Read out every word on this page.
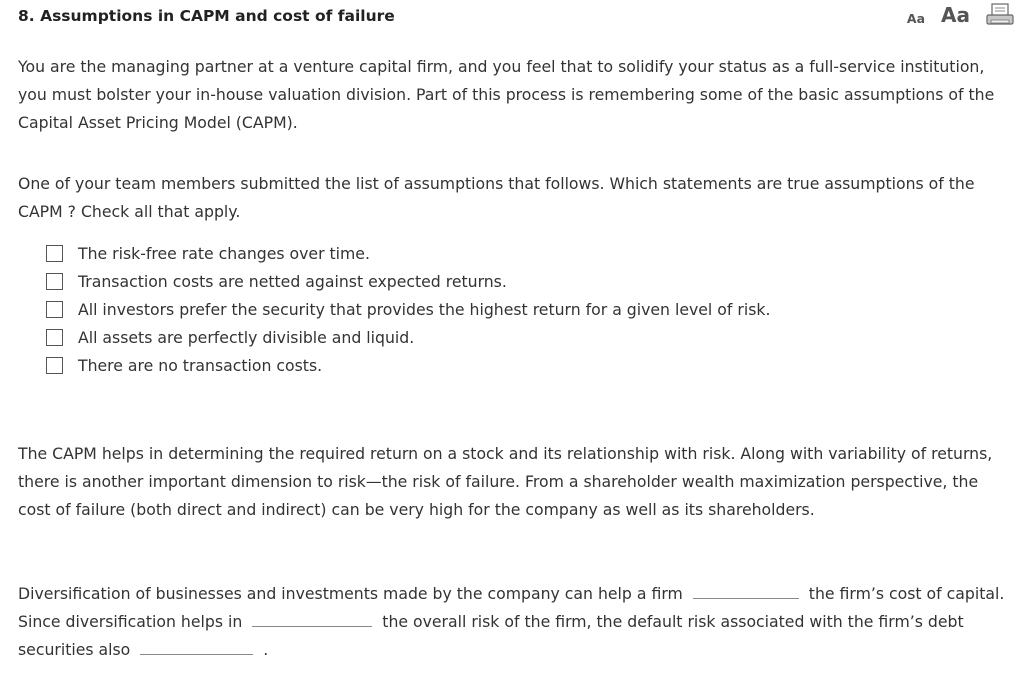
8. Assumptions in CAPM and cost of failure	Aa Aa

You are the managing partner at a venture capital firm, and you feel that to solidify your status as a full-service institution, you must bolster your in-house valuation division. Part of this process is remembering some of the basic assumptions of the Capital Asset Pricing Model (CAPM).

One of your team members submitted the list of assumptions that follows. Which statements are true assumptions of the CAPM ? Check all that apply.

The risk-free rate changes over time.
Transaction costs are netted against expected returns.
All investors prefer the security that provides the highest return for a given level of risk.
All assets are perfectly divisible and liquid.
There are no transaction costs.

The CAPM helps in determining the required return on a stock and its relationship with risk. Along with variability of returns, there is another important dimension to risk—the risk of failure. From a shareholder wealth maximization perspective, the cost of failure (both direct and indirect) can be very high for the company as well as its shareholders.

Diversification of businesses and investments made by the company can help a firm	the firm’s cost of capital. Since diversification helps in	the overall risk of the firm, the default risk associated with the firm’s debt securities also	.
